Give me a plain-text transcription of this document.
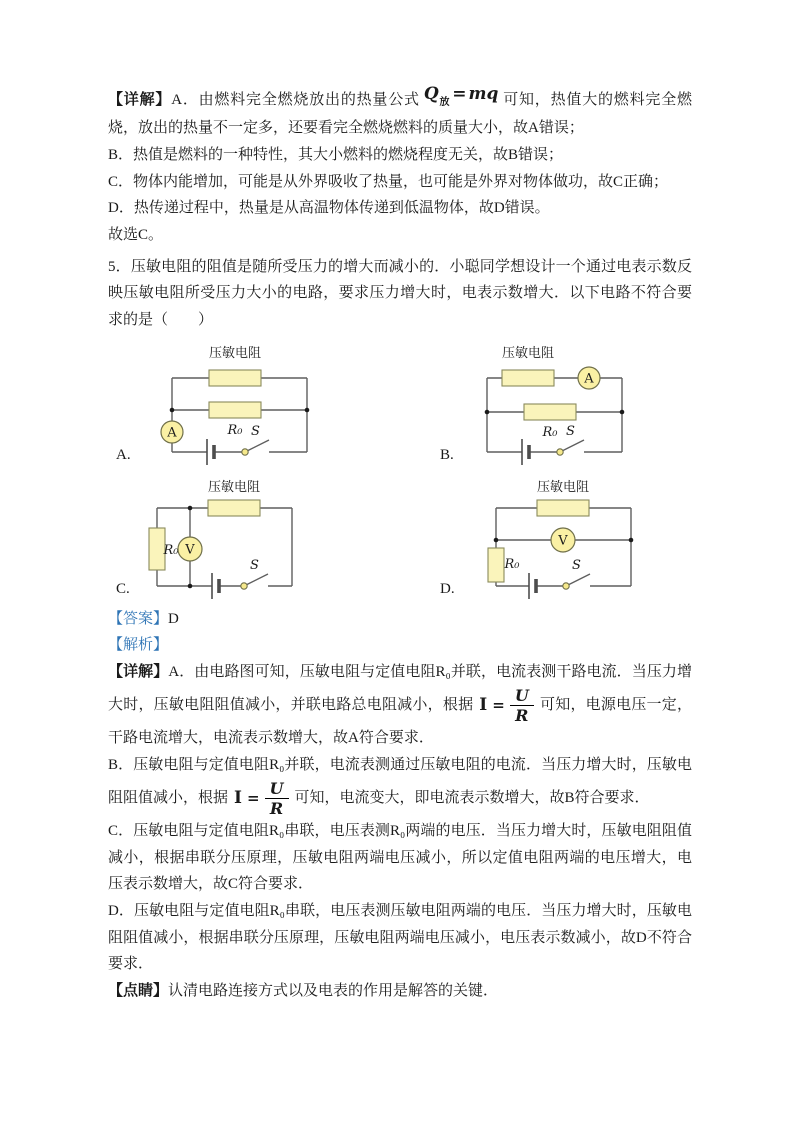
【详解】A．由燃料完全燃烧放出的热量公式 $Q_放$ = mq 可知，热值大的燃料完全燃烧，放出的热量不一定多，还要看完全燃烧燃料的质量大小，故A错误；

B．热值是燃料的一种特性，其大小燃料的燃烧程度无关，故B错误；

C．物体内能增加，可能是从外界吸收了热量，也可能是外界对物体做功，故C正确；

D．热传递过程中，热量是从高温物体传递到低温物体，故D错误。

故选C。

5．压敏电阻的阻值是随所受压力的增大而减小的．小聪同学想设计一个通过电表示数反映压敏电阻所受压力大小的电路，要求压力增大时，电表示数增大．以下电路不符合要求的是（　　）

A.
压敏电阻
R₀
A	S
B.
压敏电阻
A
R₀ S
C.
压敏电阻
R₀ V
S
D.
压敏电阻
V
R₀	S

【答案】D

【解析】

【详解】A．由电路图可知，压敏电阻与定值电阻R₀并联，电流表测干路电流．当压力增大时，压敏电阻阻值减小，并联电路总电阻减小，根据 $I = \frac{U}{R}$ 可知，电源电压一定，干路电流增大，电流表示数增大，故A符合要求．

B．压敏电阻与定值电阻R₀并联，电流表测通过压敏电阻的电流．当压力增大时，压敏电阻阻值减小，根据 $I = \frac{U}{R}$ 可知，电流变大，即电流表示数增大，故B符合要求．

C．压敏电阻与定值电阻R₀串联，电压表测R₀两端的电压．当压力增大时，压敏电阻阻值减小，根据串联分压原理，压敏电阻两端电压减小，所以定值电阻两端的电压增大，电压表示数增大，故C符合要求．

D．压敏电阻与定值电阻R₀串联，电压表测压敏电阻两端的电压．当压力增大时，压敏电阻阻值减小，根据串联分压原理，压敏电阻两端电压减小，电压表示数减小，故D不符合要求．

【点睛】认清电路连接方式以及电表的作用是解答的关键．
